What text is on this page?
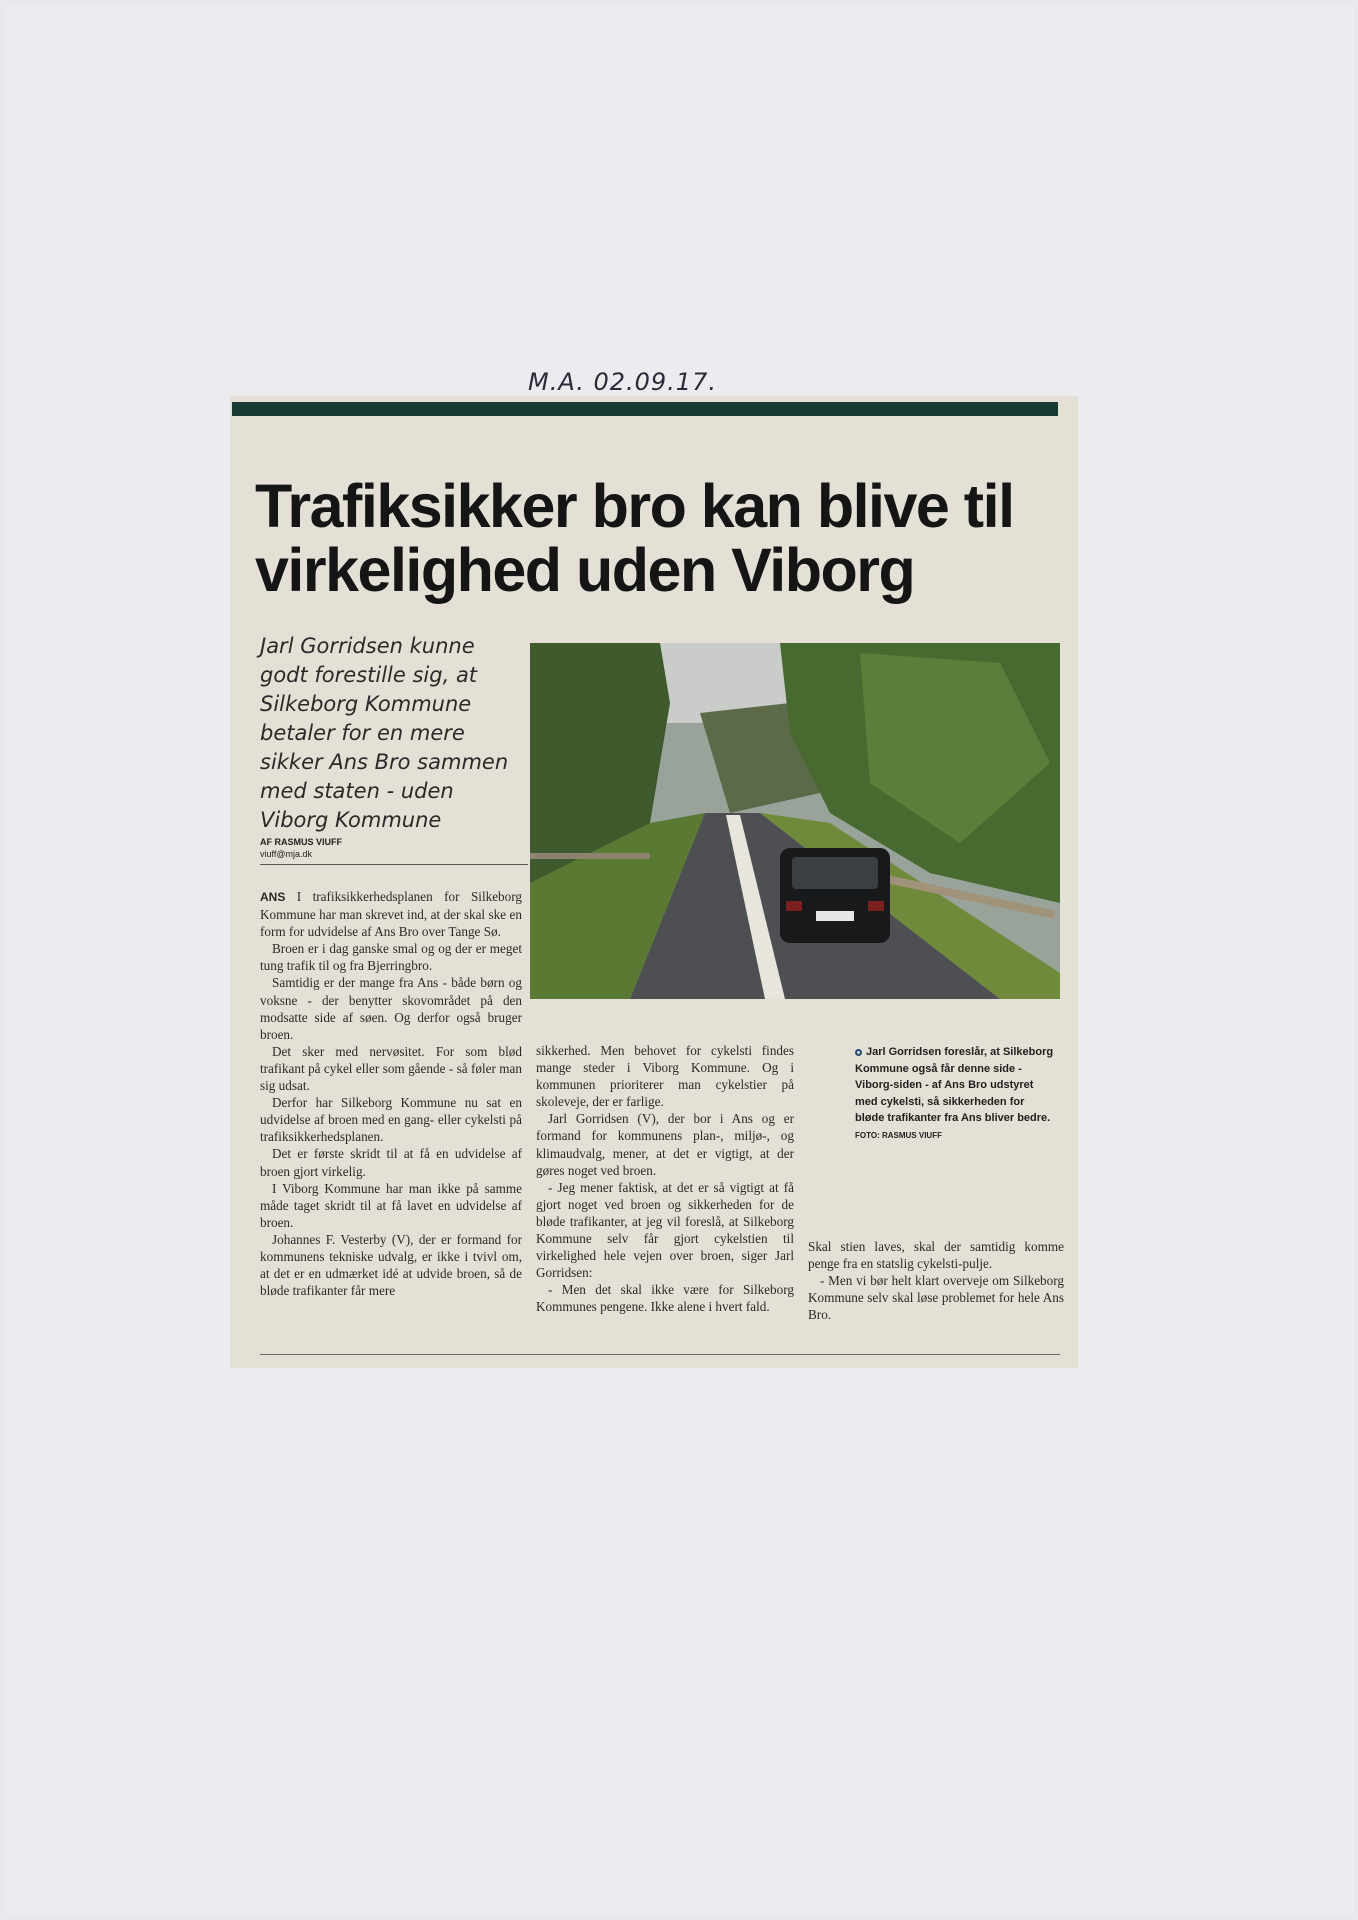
M.A. 02.09.17.
Trafiksikker bro kan blive til virkelighed uden Viborg

Jarl Gorridsen kunne godt forestille sig, at Silkeborg Kommune betaler for en mere sikker Ans Bro sammen med staten - uden Viborg Kommune

AF RASMUS VIUFF
viuff@mja.dk

ANS I trafiksikkerhedsplanen for Silkeborg Kommune har man skrevet ind, at der skal ske en form for udvidelse af Ans Bro over Tange Sø.

Broen er i dag ganske smal og og der er meget tung trafik til og fra Bjerringbro.

Samtidig er der mange fra Ans - både børn og voksne - der benytter skovområdet på den modsatte side af søen. Og derfor også bruger broen.

Det sker med nervøsitet. For som blød trafikant på cykel eller som gående - så føler man sig udsat.

Derfor har Silkeborg Kommune nu sat en udvidelse af broen med en gang- eller cykelsti på trafiksikkerhedsplanen.

Det er første skridt til at få en udvidelse af broen gjort virkelig.

I Viborg Kommune har man ikke på samme måde taget skridt til at få lavet en udvidelse af broen.

Johannes F. Vesterby (V), der er formand for kommunens tekniske udvalg, er ikke i tvivl om, at det er en udmærket idé at udvide broen, så de bløde trafikanter får mere

sikkerhed. Men behovet for cykelsti findes mange steder i Viborg Kommune. Og i kommunen prioriterer man cykelstier på skoleveje, der er farlige.

Jarl Gorridsen (V), der bor i Ans og er formand for kommunens plan-, miljø-, og klimaudvalg, mener, at det er vigtigt, at der gøres noget ved broen.

- Jeg mener faktisk, at det er så vigtigt at få gjort noget ved broen og sikkerheden for de bløde trafikanter, at jeg vil foreslå, at Silkeborg Kommune selv får gjort cykelstien til virkelighed hele vejen over broen, siger Jarl Gorridsen:

- Men det skal ikke være for Silkeborg Kommunes pengene. Ikke alene i hvert fald.

Jarl Gorridsen foreslår, at Silkeborg Kommune også får denne side - Viborg-siden - af Ans Bro udstyret med cykelsti, så sikkerheden for bløde trafikanter fra Ans bliver bedre. FOTO: RASMUS VIUFF

Skal stien laves, skal der samtidig komme penge fra en statslig cykelsti-pulje.

- Men vi bør helt klart overveje om Silkeborg Kommune selv skal løse problemet for hele Ans Bro.
